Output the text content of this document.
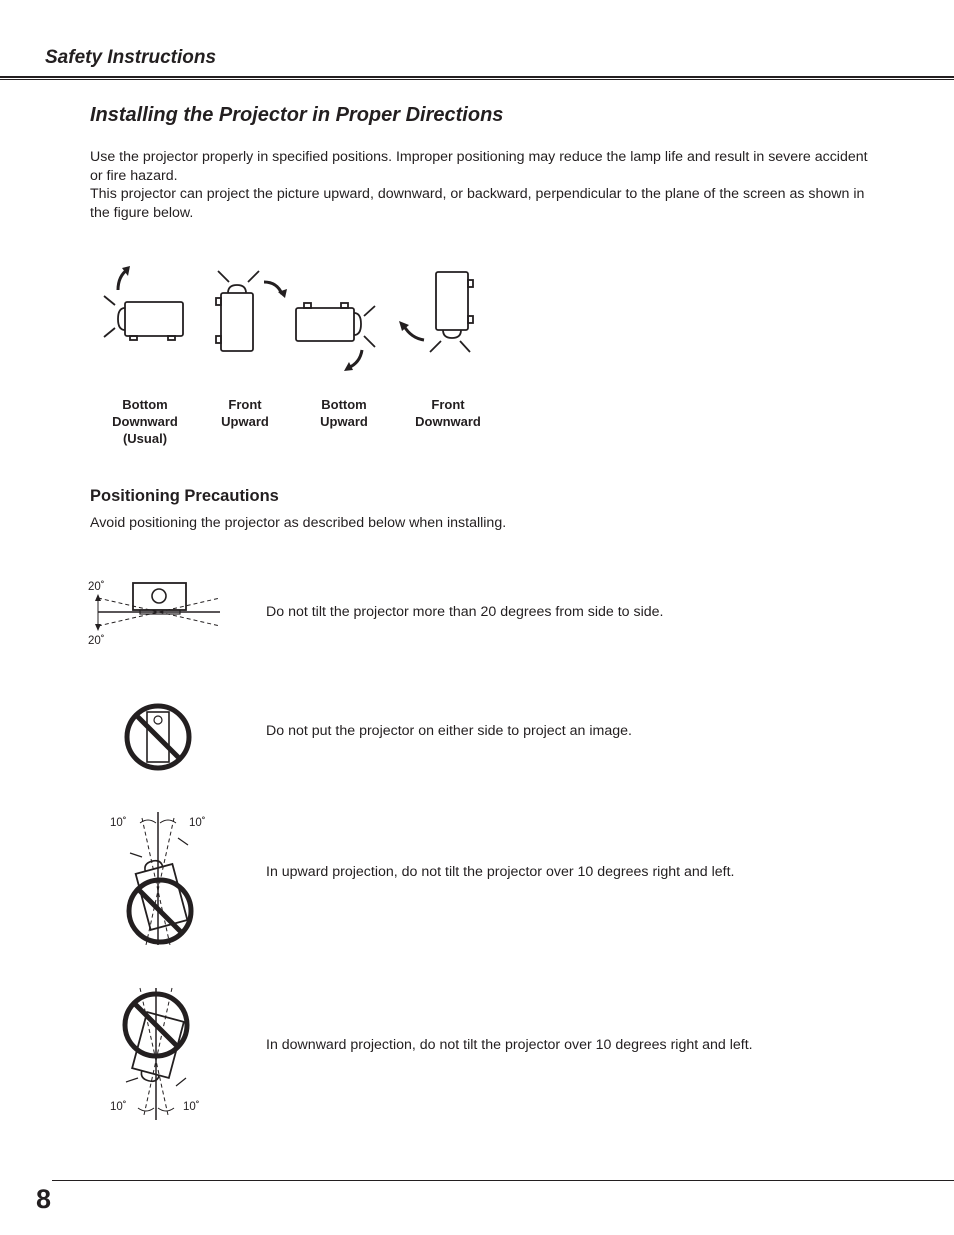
Safety Instructions
Installing the Projector in Proper Directions
Use the projector properly in specified positions. Improper positioning may reduce the lamp life and result in severe accident or fire hazard.
This projector can project the picture upward, downward, or backward, perpendicular to the plane of the screen as shown in the figure below.
Bottom
Downward
(Usual)
Front
Upward
Bottom
Upward
Front
Downward
Positioning Precautions
Avoid positioning the projector as described below when installing.
20˚
20˚
Do not tilt the projector more than 20 degrees from side to side.
Do not put the projector on either side to project an image.
10˚	10˚
In upward projection, do not tilt the projector over 10 degrees right and left.
10˚	10˚
In downward projection, do not tilt the projector over 10 degrees right and left.
8
